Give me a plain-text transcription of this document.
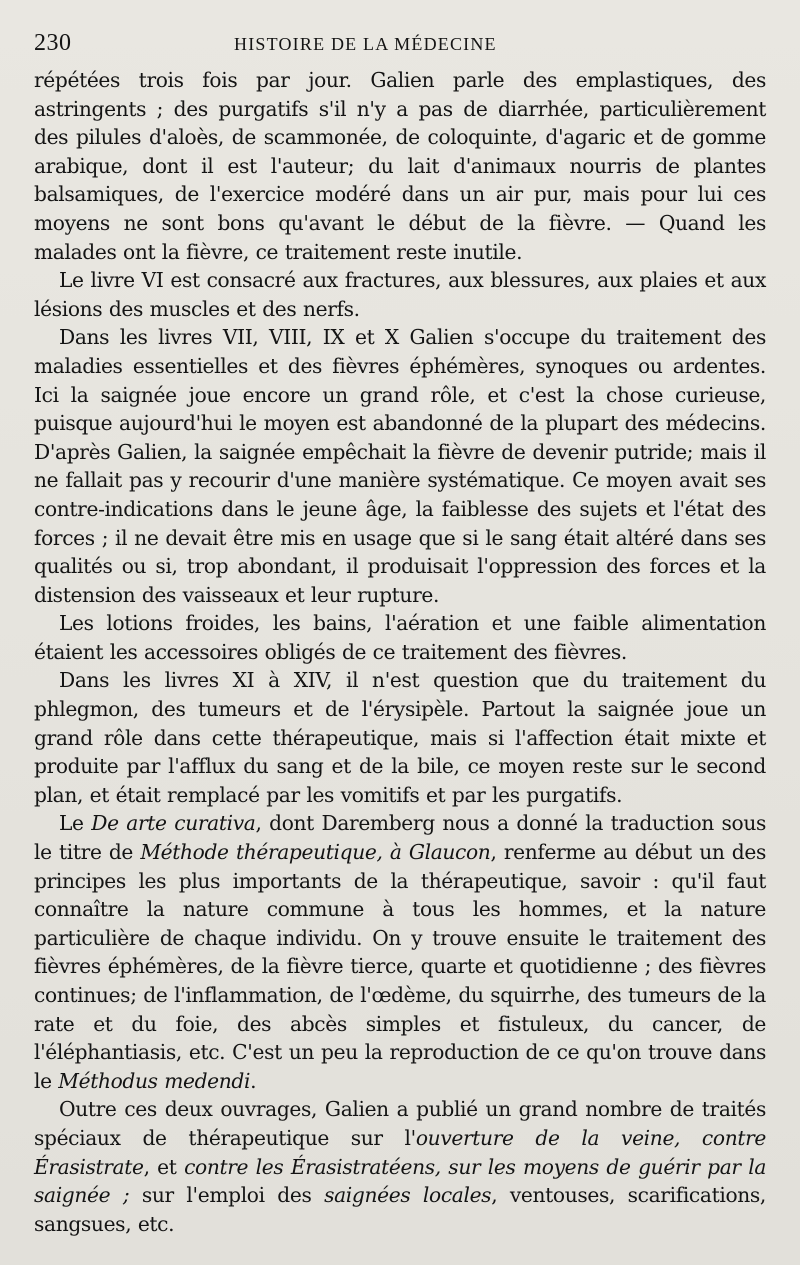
230	HISTOIRE DE LA MÉDECINE

répétées trois fois par jour. Galien parle des emplastiques, des astringents ; des purgatifs s'il n'y a pas de diarrhée, particulièrement des pilules d'aloès, de scammonée, de coloquinte, d'agaric et de gomme arabique, dont il est l'auteur; du lait d'animaux nourris de plantes balsamiques, de l'exercice modéré dans un air pur, mais pour lui ces moyens ne sont bons qu'avant le début de la fièvre. — Quand les malades ont la fièvre, ce traitement reste inutile.

Le livre VI est consacré aux fractures, aux blessures, aux plaies et aux lésions des muscles et des nerfs.

Dans les livres VII, VIII, IX et X Galien s'occupe du traitement des maladies essentielles et des fièvres éphémères, synoques ou ardentes. Ici la saignée joue encore un grand rôle, et c'est la chose curieuse, puisque aujourd'hui le moyen est abandonné de la plupart des médecins. D'après Galien, la saignée empêchait la fièvre de devenir putride; mais il ne fallait pas y recourir d'une manière systématique. Ce moyen avait ses contre-indications dans le jeune âge, la faiblesse des sujets et l'état des forces ; il ne devait être mis en usage que si le sang était altéré dans ses qualités ou si, trop abondant, il produisait l'oppression des forces et la distension des vaisseaux et leur rupture.

Les lotions froides, les bains, l'aération et une faible alimentation étaient les accessoires obligés de ce traitement des fièvres.

Dans les livres XI à XIV, il n'est question que du traitement du phlegmon, des tumeurs et de l'érysipèle. Partout la saignée joue un grand rôle dans cette thérapeutique, mais si l'affection était mixte et produite par l'afflux du sang et de la bile, ce moyen reste sur le second plan, et était remplacé par les vomitifs et par les purgatifs.

Le De arte curativa, dont Daremberg nous a donné la traduction sous le titre de Méthode thérapeutique, à Glaucon, renferme au début un des principes les plus importants de la thérapeutique, savoir : qu'il faut connaître la nature commune à tous les hommes, et la nature particulière de chaque individu. On y trouve ensuite le traitement des fièvres éphémères, de la fièvre tierce, quarte et quotidienne ; des fièvres continues; de l'inflammation, de l'œdème, du squirrhe, des tumeurs de la rate et du foie, des abcès simples et fistuleux, du cancer, de l'éléphantiasis, etc. C'est un peu la reproduction de ce qu'on trouve dans le Méthodus medendi.

Outre ces deux ouvrages, Galien a publié un grand nombre de traités spéciaux de thérapeutique sur l'ouverture de la veine, contre Érasistrate, et contre les Érasistratéens, sur les moyens de guérir par la saignée ; sur l'emploi des saignées locales, ventouses, scarifications, sangsues, etc.
